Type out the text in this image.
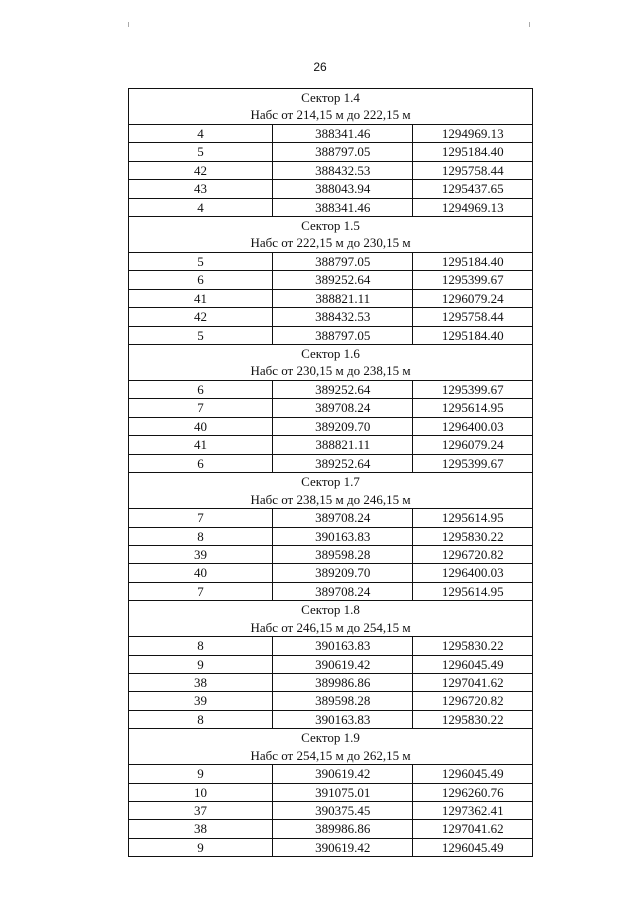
26
Сектор 1.4
Набс от 214,15 м до 222,15 м		

4	388341.46	1294969.13
5	388797.05	1295184.40
42	388432.53	1295758.44
43	388043.94	1295437.65
4	388341.46	1294969.13

Сектор 1.5
Набс от 222,15 м до 230,15 м		

5	388797.05	1295184.40
6	389252.64	1295399.67
41	388821.11	1296079.24
42	388432.53	1295758.44
5	388797.05	1295184.40

Сектор 1.6
Набс от 230,15 м до 238,15 м		

6	389252.64	1295399.67
7	389708.24	1295614.95
40	389209.70	1296400.03
41	388821.11	1296079.24
6	389252.64	1295399.67

Сектор 1.7
Набс от 238,15 м до 246,15 м		

7	389708.24	1295614.95
8	390163.83	1295830.22
39	389598.28	1296720.82
40	389209.70	1296400.03
7	389708.24	1295614.95

Сектор 1.8
Набс от 246,15 м до 254,15 м		

8	390163.83	1295830.22
9	390619.42	1296045.49
38	389986.86	1297041.62
39	389598.28	1296720.82
8	390163.83	1295830.22

Сектор 1.9
Набс от 254,15 м до 262,15 м		

9	390619.42	1296045.49
10	391075.01	1296260.76
37	390375.45	1297362.41
38	389986.86	1297041.62
9	390619.42	1296045.49
